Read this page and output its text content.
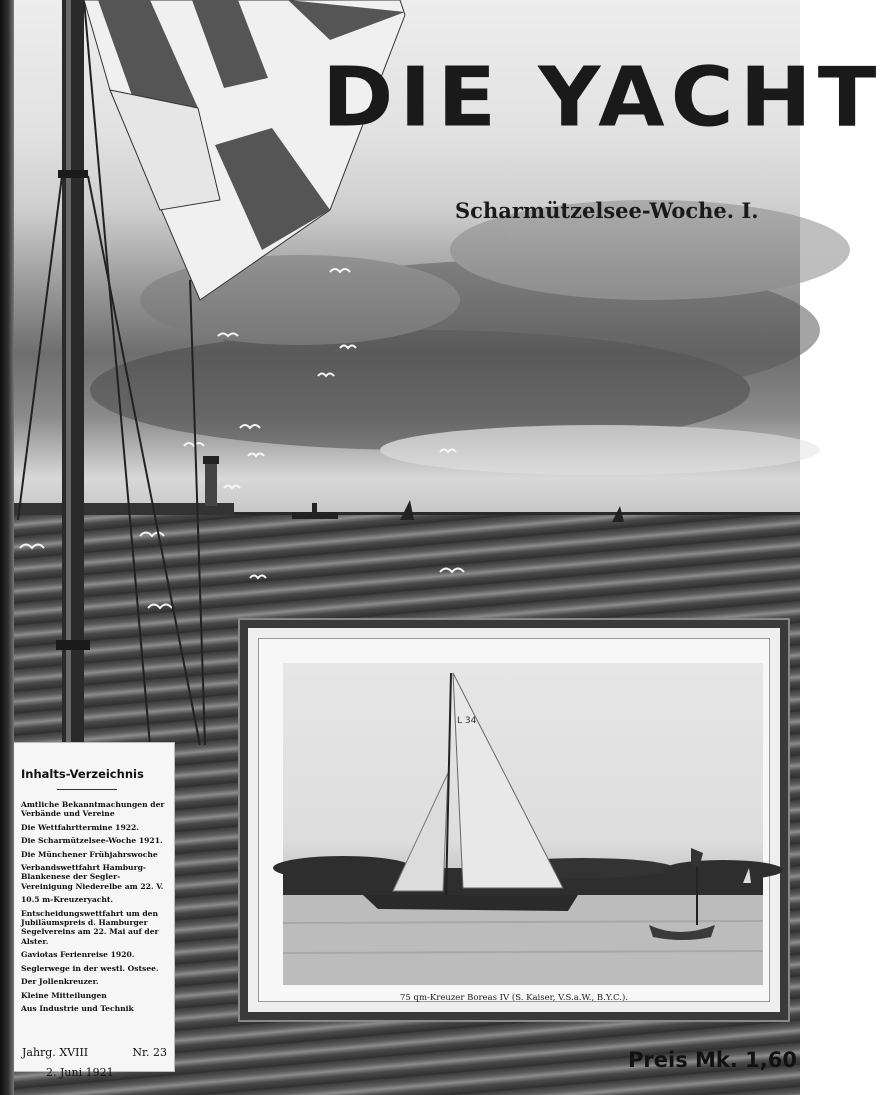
DIE YACHT
Scharmützelsee-Woche. I.
L 34
75 qm-Kreuzer Boreas IV (S. Kaiser, V.S.a.W., B.Y.C.).
Inhalts-Verzeichnis
Amtliche Bekanntmachungen der Verbände und Vereine
Die Wettfahrttermine 1922.
Die Scharmützelsee-Woche 1921.
Die Münchener Frühjahrswoche
Verbandswettfahrt Hamburg-Blankenese der Segler-Vereinigung Niederelbe am 22. V.
10.5 m-Kreuzeryacht.
Entscheidungswettfahrt um den Jubiläumspreis d. Hamburger Segelvereins am 22. Mai auf der Alster.
Gaviotas Ferienreise 1920.
Seglerwege in der westl. Ostsee.
Der Jollenkreuzer.
Kleine Mitteilungen
Aus Industrie und Technik
Jahrg. XVIII	Nr. 23
2. Juni 1921
Preis Mk. 1,60
